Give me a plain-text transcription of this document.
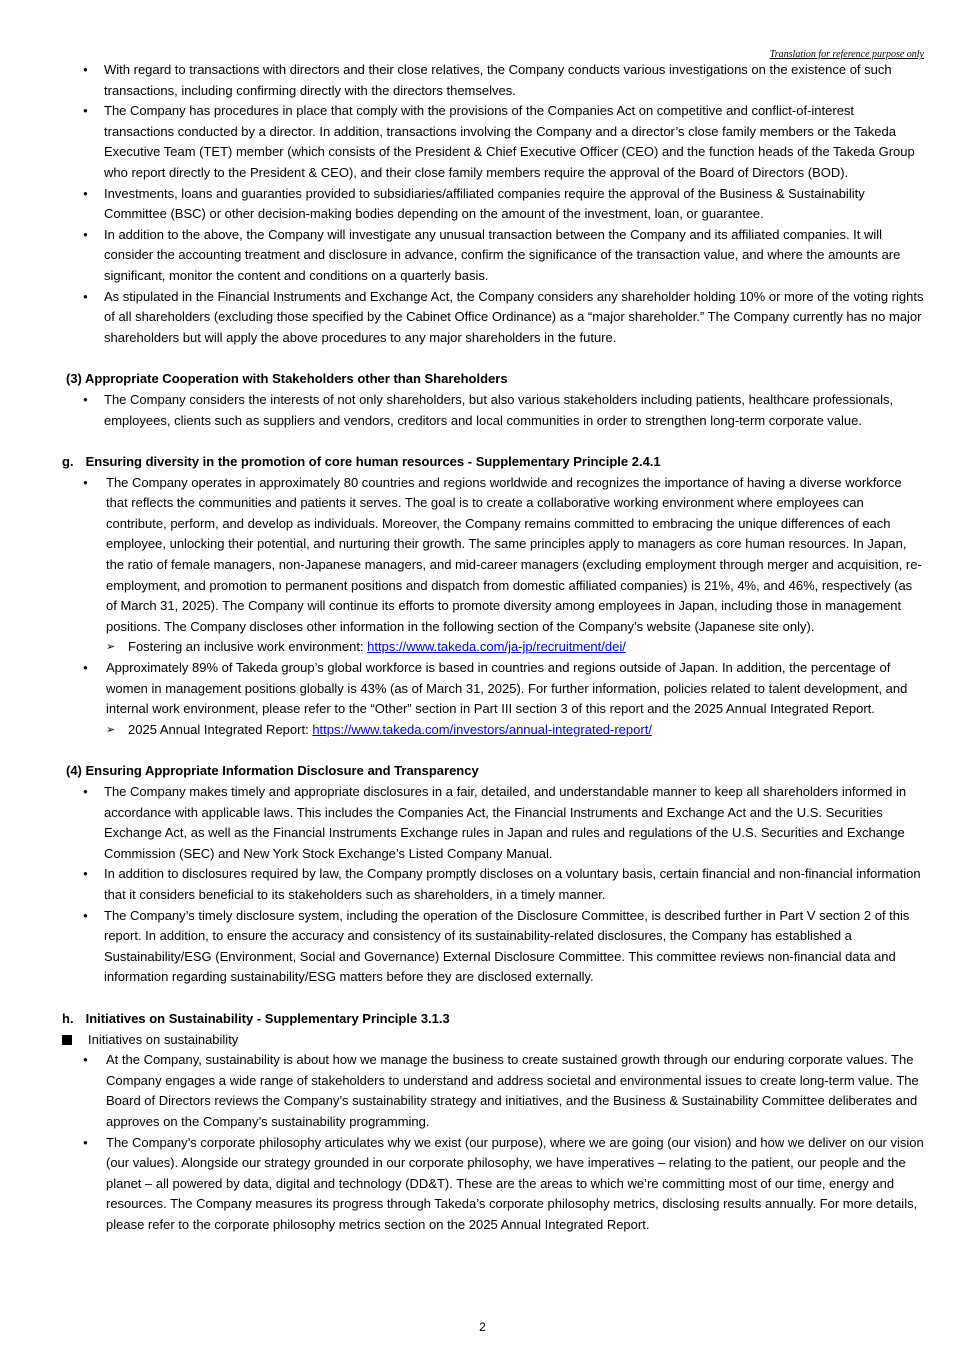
Translation for reference purpose only
● With regard to transactions with directors and their close relatives, the Company conducts various investigations on the existence of such transactions, including confirming directly with the directors themselves.
● The Company has procedures in place that comply with the provisions of the Companies Act on competitive and conflict-of-interest transactions conducted by a director. In addition, transactions involving the Company and a director’s close family members or the Takeda Executive Team (TET) member (which consists of the President & Chief Executive Officer (CEO) and the function heads of the Takeda Group who report directly to the President & CEO), and their close family members require the approval of the Board of Directors (BOD).
● Investments, loans and guaranties provided to subsidiaries/affiliated companies require the approval of the Business & Sustainability Committee (BSC) or other decision-making bodies depending on the amount of the investment, loan, or guarantee.
● In addition to the above, the Company will investigate any unusual transaction between the Company and its affiliated companies. It will consider the accounting treatment and disclosure in advance, confirm the significance of the transaction value, and where the amounts are significant, monitor the content and conditions on a quarterly basis.
● As stipulated in the Financial Instruments and Exchange Act, the Company considers any shareholder holding 10% or more of the voting rights of all shareholders (excluding those specified by the Cabinet Office Ordinance) as a “major shareholder.” The Company currently has no major shareholders but will apply the above procedures to any major shareholders in the future.
(3) Appropriate Cooperation with Stakeholders other than Shareholders
● The Company considers the interests of not only shareholders, but also various stakeholders including patients, healthcare professionals, employees, clients such as suppliers and vendors, creditors and local communities in order to strengthen long-term corporate value.
g. Ensuring diversity in the promotion of core human resources - Supplementary Principle 2.4.1
● The Company operates in approximately 80 countries and regions worldwide and recognizes the importance of having a diverse workforce that reflects the communities and patients it serves. The goal is to create a collaborative working environment where employees can contribute, perform, and develop as individuals. Moreover, the Company remains committed to embracing the unique differences of each employee, unlocking their potential, and nurturing their growth. The same principles apply to managers as core human resources. In Japan, the ratio of female managers, non-Japanese managers, and mid-career managers (excluding employment through merger and acquisition, re-employment, and promotion to permanent positions and dispatch from domestic affiliated companies) is 21%, 4%, and 46%, respectively (as of March 31, 2025). The Company will continue its efforts to promote diversity among employees in Japan, including those in management positions. The Company discloses other information in the following section of the Company’s website (Japanese site only).
➢ Fostering an inclusive work environment: https://www.takeda.com/ja-jp/recruitment/dei/
● Approximately 89% of Takeda group’s global workforce is based in countries and regions outside of Japan. In addition, the percentage of women in management positions globally is 43% (as of March 31, 2025). For further information, policies related to talent development, and internal work environment, please refer to the “Other” section in Part III section 3 of this report and the 2025 Annual Integrated Report.
➢ 2025 Annual Integrated Report: https://www.takeda.com/investors/annual-integrated-report/
(4) Ensuring Appropriate Information Disclosure and Transparency
● The Company makes timely and appropriate disclosures in a fair, detailed, and understandable manner to keep all shareholders informed in accordance with applicable laws. This includes the Companies Act, the Financial Instruments and Exchange Act and the U.S. Securities Exchange Act, as well as the Financial Instruments Exchange rules in Japan and rules and regulations of the U.S. Securities and Exchange Commission (SEC) and New York Stock Exchange’s Listed Company Manual.
● In addition to disclosures required by law, the Company promptly discloses on a voluntary basis, certain financial and non-financial information that it considers beneficial to its stakeholders such as shareholders, in a timely manner.
● The Company’s timely disclosure system, including the operation of the Disclosure Committee, is described further in Part V section 2 of this report. In addition, to ensure the accuracy and consistency of its sustainability-related disclosures, the Company has established a Sustainability/ESG (Environment, Social and Governance) External Disclosure Committee. This committee reviews non-financial data and information regarding sustainability/ESG matters before they are disclosed externally.
h. Initiatives on Sustainability - Supplementary Principle 3.1.3
Initiatives on sustainability
● At the Company, sustainability is about how we manage the business to create sustained growth through our enduring corporate values. The Company engages a wide range of stakeholders to understand and address societal and environmental issues to create long-term value. The Board of Directors reviews the Company’s sustainability strategy and initiatives, and the Business & Sustainability Committee deliberates and approves on the Company’s sustainability programming.
● The Company’s corporate philosophy articulates why we exist (our purpose), where we are going (our vision) and how we deliver on our vision (our values). Alongside our strategy grounded in our corporate philosophy, we have imperatives – relating to the patient, our people and the planet – all powered by data, digital and technology (DD&T). These are the areas to which we’re committing most of our time, energy and resources. The Company measures its progress through Takeda’s corporate philosophy metrics, disclosing results annually. For more details, please refer to the corporate philosophy metrics section on the 2025 Annual Integrated Report.
2
